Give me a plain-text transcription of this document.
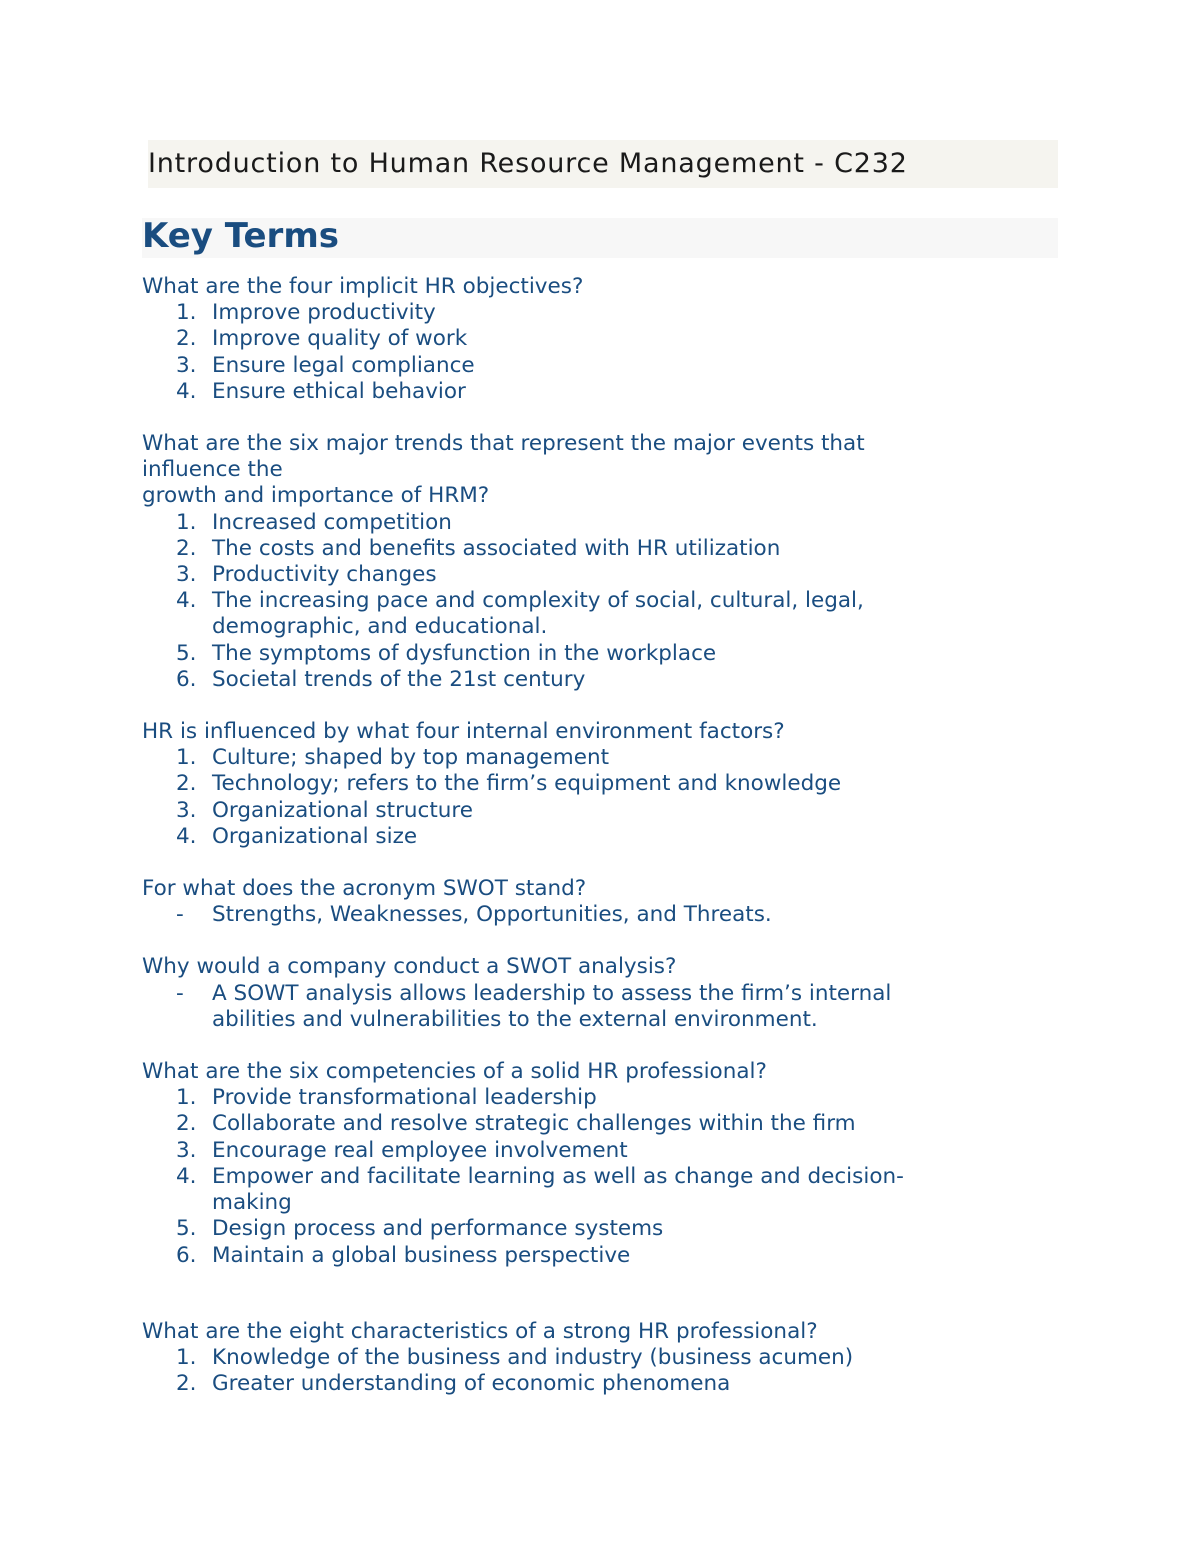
Introduction to Human Resource Management - C232
Key Terms
What are the four implicit HR objectives?
1. Improve productivity
2. Improve quality of work
3. Ensure legal compliance
4. Ensure ethical behavior
What are the six major trends that represent the major events that
influence the
growth and importance of HRM?
1. Increased competition
2. The costs and benefits associated with HR utilization
3. Productivity changes
4. The increasing pace and complexity of social, cultural, legal,
demographic, and educational.
5. The symptoms of dysfunction in the workplace
6. Societal trends of the 21st century
HR is influenced by what four internal environment factors?
1. Culture; shaped by top management
2. Technology; refers to the firm’s equipment and knowledge
3. Organizational structure
4. Organizational size
For what does the acronym SWOT stand?
-	Strengths, Weaknesses, Opportunities, and Threats.
Why would a company conduct a SWOT analysis?
-	A SOWT analysis allows leadership to assess the firm’s internal
abilities and vulnerabilities to the external environment.
What are the six competencies of a solid HR professional?
1. Provide transformational leadership
2. Collaborate and resolve strategic challenges within the firm
3. Encourage real employee involvement
4. Empower and facilitate learning as well as change and decision-
making
5. Design process and performance systems
6. Maintain a global business perspective
What are the eight characteristics of a strong HR professional?
1. Knowledge of the business and industry (business acumen)
2. Greater understanding of economic phenomena
